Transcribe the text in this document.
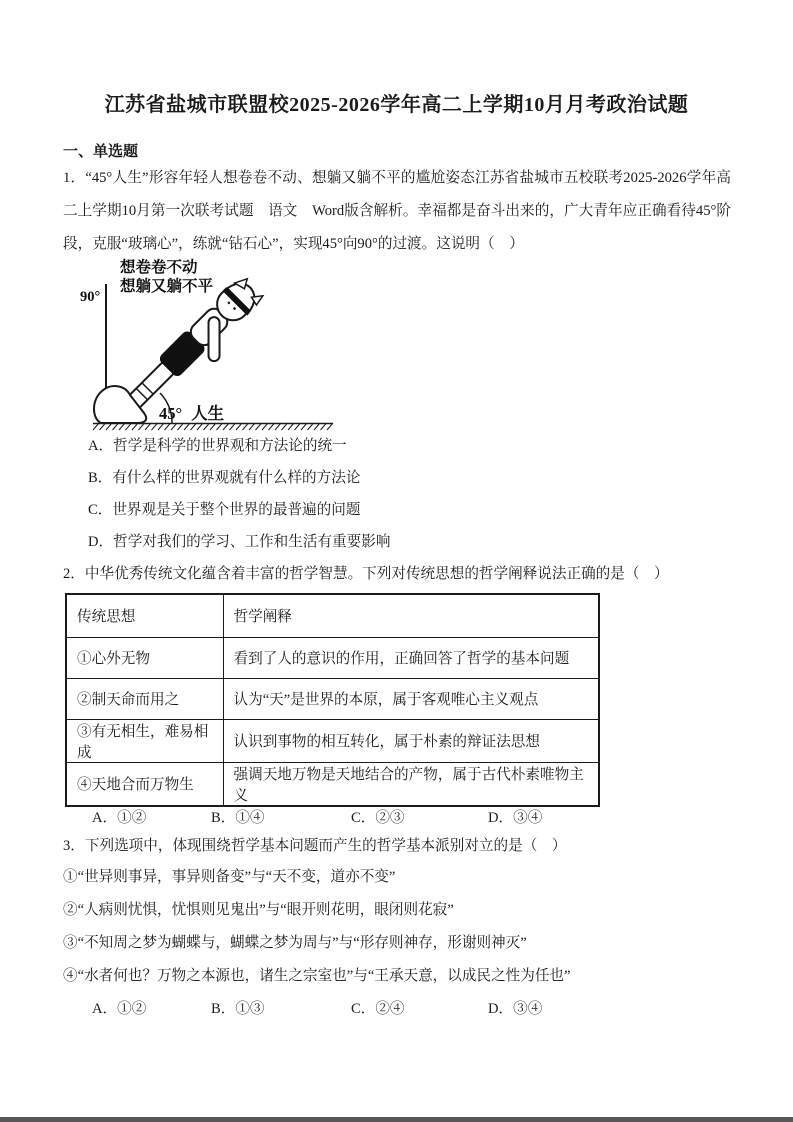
江苏省盐城市联盟校2025-2026学年高二上学期10月月考政治试题
一、单选题

1．“45°人生”形容年轻人想卷卷不动、想躺又躺不平的尴尬姿态江苏省盐城市五校联考2025-2026学年高二上学期10月第一次联考试题　语文　Word版含解析。幸福都是奋斗出来的，广大青年应正确看待45°阶段，克服“玻璃心”，练就“钻石心”，实现45°向90°的过渡。这说明（　）

想卷卷不动
想躺又躺不平
90°
45° 人生
A．哲学是科学的世界观和方法论的统一
B．有什么样的世界观就有什么样的方法论
C．世界观是关于整个世界的最普遍的问题
D．哲学对我们的学习、工作和生活有重要影响

2．中华优秀传统文化蕴含着丰富的哲学智慧。下列对传统思想的哲学阐释说法正确的是（　）

传统思想	哲学阐释
①心外无物	看到了人的意识的作用，正确回答了哲学的基本问题
②制天命而用之	认为“天”是世界的本原，属于客观唯心主义观点
③有无相生，难易相成	认识到事物的相互转化，属于朴素的辩证法思想
④天地合而万物生	强调天地万物是天地结合的产物，属于古代朴素唯物主义
A．①②	B．①④	C．②③	D．③④

3．下列选项中，体现围绕哲学基本问题而产生的哲学基本派别对立的是（　）

①“世异则事异，事异则备变”与“天不变，道亦不变”
②“人病则忧惧，忧惧则见鬼出”与“眼开则花明，眼闭则花寂”
③“不知周之梦为蝴蝶与，蝴蝶之梦为周与”与“形存则神存，形谢则神灭”
④“水者何也？万物之本源也，诸生之宗室也”与“王承天意，以成民之性为任也”
A．①②	B．①③	C．②④	D．③④
